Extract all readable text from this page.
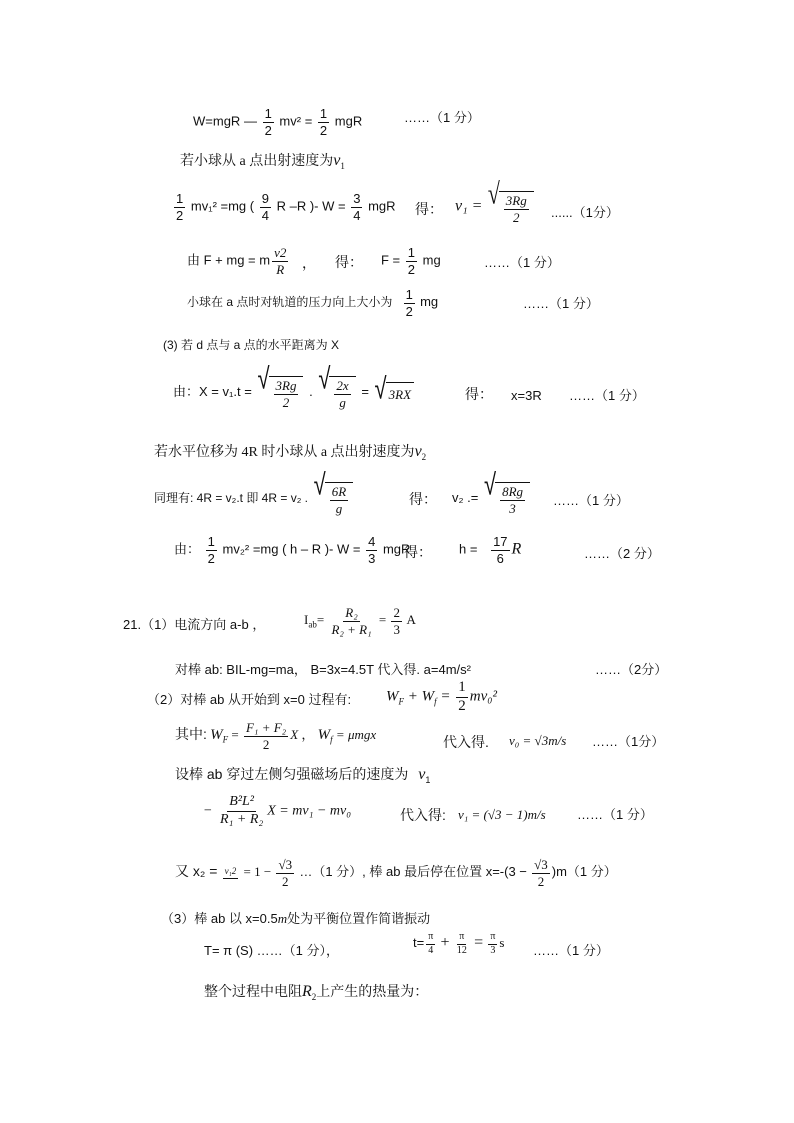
W=mgR — $\frac{1}{2} mv^2 = \frac{1}{2}$ mgR	……（1 分）
若小球从 a 点出射速度为$v_1$
$\frac{1}{2} mv_1^2 =mg$ ( $\frac{9}{4}$ R –R )- $W = \frac{3}{4}$ mgR 得： v₁ = √ $\frac{3Rg}{2} ......(1$分）
由 F + mg = m $\frac{v2}{R}$ ， 得： $F = \frac{1}{2}$ mg	……（1 分）
小球在 a 点时对轨道的压力向上大小为 $\frac{1}{2}$ mg	……（1 分）
(3) 若 d 点与 a 点的水平距离为 X
由：X = v₁.t = √ $\frac{3Rg}{2}$ . √ $\frac{2x}{g}$ = √ 3RX	得： x=3R ……（1 分）
若水平位移为 4R 时小球从 a 点出射速度为$v_2$
同理有: 4R = v₂.t 即 4R = v₂ . √ $\frac{6R}{g}$	得： v₂ .= √ $\frac{8Rg}{3}$ ……（1 分）
由： $\frac{1}{2} mv_2^2 =mg$ ( h – R )- $W = \frac{4}{3}$ mgR
得： $h = \frac{17}{6}$ R	……（2 分）
21.（1）电流方向 a-b ，	$I_{ab}= \frac{\text{R₂}}{\text{R₂ + R₁}} = \frac{2}{3}$ A
对棒 ab: BIL-mg=ma， B=3x=4.5T 代入得. a=4m/s²	……（2分）
（2）对棒 ab 从开始到 x=0 过程有: $W_F + W_f = \frac{1}{2} mv_0^2$
其中: $W_F = \frac{\text{F₁ + F₂}}{2}$ X ， $W_f = \mu mgx$	代入得. v₀ = √3m/s ……（1分）
设棒 ab 穿过左侧匀强磁场后的速度为 $v_1$
− $\frac{\text{B²L²}}{\text{R₁ + R₂}}$ X = mv₁ − mv₀	代入得: v₁ = (√3 − 1)m/s ……（1 分）
又 $x_2 = v_12 = 1 - \frac{√3}{2}$ …（1 分）, 棒 ab 最后停在位置 $x=-(3 - \frac{√3}{2} )m(1$ 分）
（3）棒 ab 以 x=0.5m处为平衡位置作简谐振动
T= π (S) ……（1 分），
$t= \frac{\pi}{4} + \frac{\pi}{12} = \frac{\pi}{3}$ s
……（1 分）
整个过程中电阻$R_2$上产生的热量为：
